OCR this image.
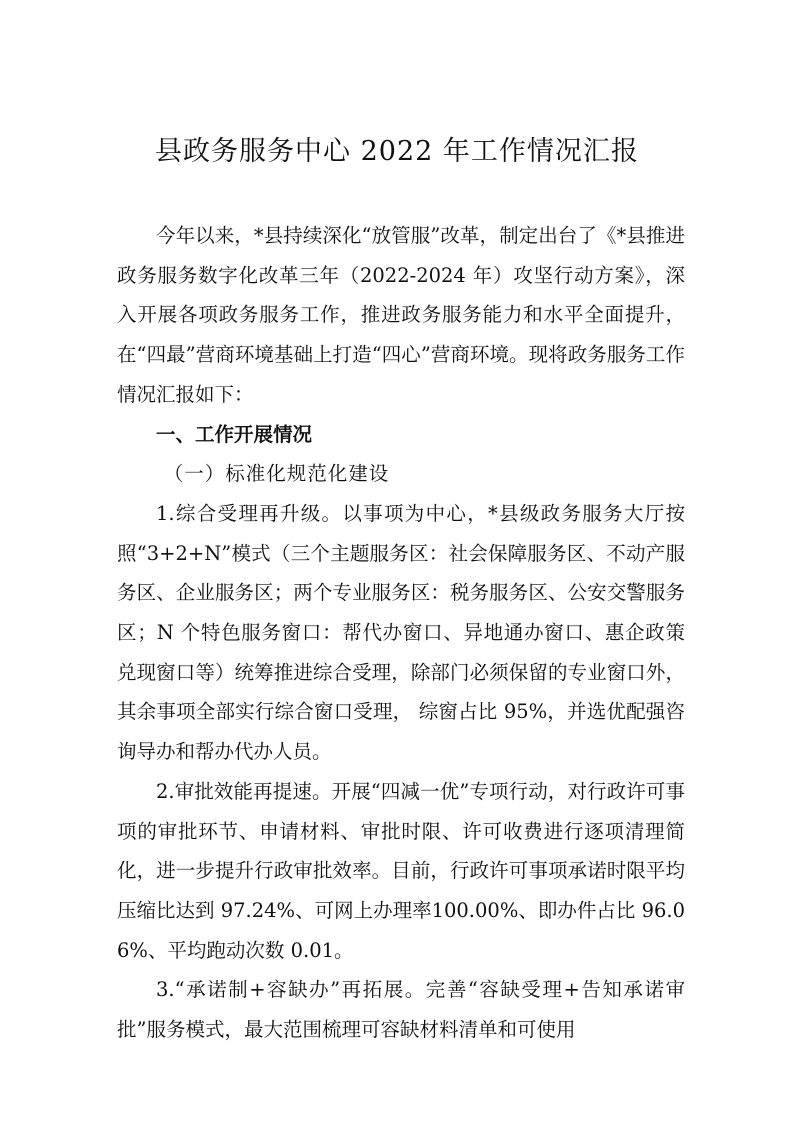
县政务服务中心 2022 年工作情况汇报

今年以来，*县持续深化“放管服”改革，制定出台了《*县推进政务服务数字化改革三年（2022-2024 年）攻坚行动方案》，深入开展各项政务服务工作，推进政务服务能力和水平全面提升，在“四最”营商环境基础上打造“四心”营商环境。现将政务服务工作情况汇报如下：

一、工作开展情况

（一）标准化规范化建设

1.综合受理再升级。以事项为中心，*县级政务服务大厅按照“3+2+N”模式（三个主题服务区：社会保障服务区、不动产服务区、企业服务区；两个专业服务区：税务服务区、公安交警服务区；N 个特色服务窗口：帮代办窗口、异地通办窗口、惠企政策兑现窗口等）统筹推进综合受理，除部门必须保留的专业窗口外，其余事项全部实行综合窗口受理， 综窗占比 95%，并选优配强咨询导办和帮办代办人员。

2.审批效能再提速。开展“四减一优”专项行动，对行政许可事项的审批环节、申请材料、审批时限、许可收费进行逐项清理简化，进一步提升行政审批效率。目前，行政许可事项承诺时限平均压缩比达到 97.24%、可网上办理率100.00%、即办件占比 96.06%、平均跑动次数 0.01。

3.“承诺制+容缺办”再拓展。完善“容缺受理+告知承诺审批”服务模式，最大范围梳理可容缺材料清单和可使用
